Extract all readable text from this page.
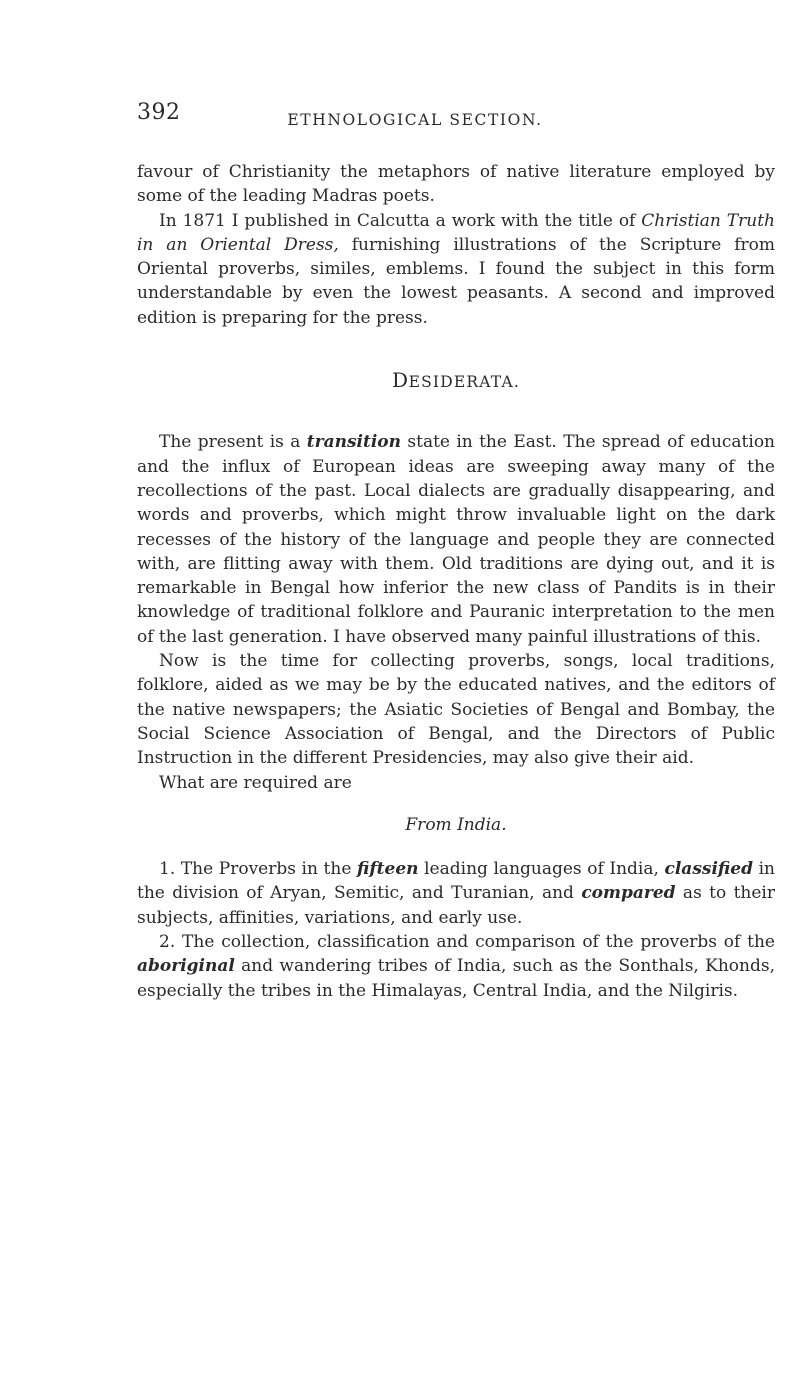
392	ETHNOLOGICAL SECTION.

favour of Christianity the metaphors of native literature employed by some of the leading Madras poets.

In 1871 I published in Calcutta a work with the title of Christian Truth in an Oriental Dress, furnishing illustrations of the Scripture from Oriental proverbs, similes, emblems. I found the subject in this form understandable by even the lowest peasants. A second and improved edition is preparing for the press.

DESIDERATA.

The present is a transition state in the East. The spread of education and the influx of European ideas are sweeping away many of the recollections of the past. Local dialects are gradually disappearing, and words and proverbs, which might throw invaluable light on the dark recesses of the history of the language and people they are connected with, are flitting away with them. Old traditions are dying out, and it is remarkable in Bengal how inferior the new class of Pandits is in their knowledge of traditional folklore and Pauranic interpretation to the men of the last generation. I have observed many painful illustrations of this.

Now is the time for collecting proverbs, songs, local traditions, folklore, aided as we may be by the educated natives, and the editors of the native newspapers; the Asiatic Societies of Bengal and Bombay, the Social Science Association of Bengal, and the Directors of Public Instruction in the different Presidencies, may also give their aid.

What are required are

From India.

1. The Proverbs in the fifteen leading languages of India, classified in the division of Aryan, Semitic, and Turanian, and compared as to their subjects, affinities, variations, and early use.

2. The collection, classification and comparison of the proverbs of the aboriginal and wandering tribes of India, such as the Sonthals, Khonds, especially the tribes in the Himalayas, Central India, and the Nilgiris.
